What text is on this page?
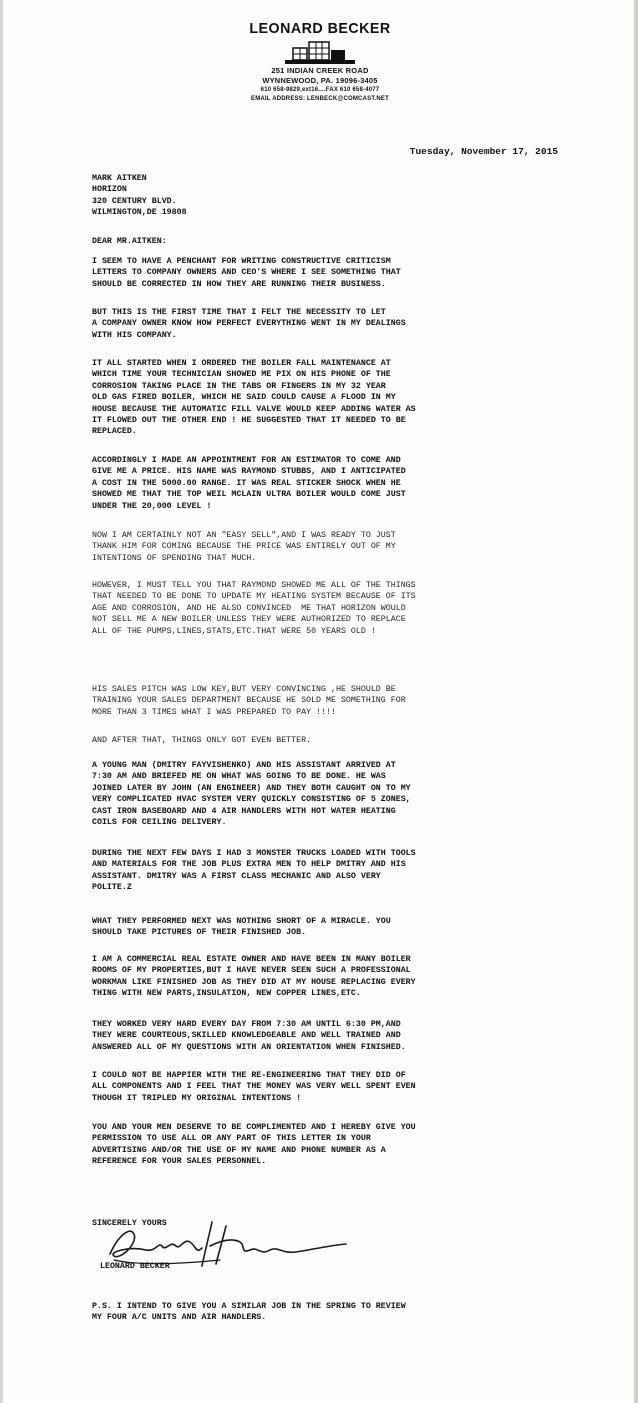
LEONARD BECKER
251 INDIAN CREEK ROAD
WYNNEWOOD, PA. 19096-3405
610 658-9829,ext16....FAX 610 658-4077
EMAIL ADDRESS: LENBECK@COMCAST.NET
Tuesday, November 17, 2015
MARK AITKEN
HORIZON
320 CENTURY BLVD.
WILMINGTON,DE 19808
DEAR MR.AITKEN:
I SEEM TO HAVE A PENCHANT FOR WRITING CONSTRUCTIVE CRITICISM
LETTERS TO COMPANY OWNERS AND CEO'S WHERE I SEE SOMETHING THAT
SHOULD BE CORRECTED IN HOW THEY ARE RUNNING THEIR BUSINESS.
BUT THIS IS THE FIRST TIME THAT I FELT THE NECESSITY TO LET
A COMPANY OWNER KNOW HOW PERFECT EVERYTHING WENT IN MY DEALINGS
WITH HIS COMPANY.
IT ALL STARTED WHEN I ORDERED THE BOILER FALL MAINTENANCE AT
WHICH TIME YOUR TECHNICIAN SHOWED ME PIX ON HIS PHONE OF THE
CORROSION TAKING PLACE IN THE TABS OR FINGERS IN MY 32 YEAR
OLD GAS FIRED BOILER, WHICH HE SAID COULD CAUSE A FLOOD IN MY
HOUSE BECAUSE THE AUTOMATIC FILL VALVE WOULD KEEP ADDING WATER AS
IT FLOWED OUT THE OTHER END ! HE SUGGESTED THAT IT NEEDED TO BE
REPLACED.
ACCORDINGLY I MADE AN APPOINTMENT FOR AN ESTIMATOR TO COME AND
GIVE ME A PRICE. HIS NAME WAS RAYMOND STUBBS, AND I ANTICIPATED
A COST IN THE 5000.00 RANGE. IT WAS REAL STICKER SHOCK WHEN HE
SHOWED ME THAT THE TOP WEIL MCLAIN ULTRA BOILER WOULD COME JUST
UNDER THE 20,000 LEVEL !
NOW I AM CERTAINLY NOT AN "EASY SELL",AND I WAS READY TO JUST
THANK HIM FOR COMING BECAUSE THE PRICE WAS ENTIRELY OUT OF MY
INTENTIONS OF SPENDING THAT MUCH.
HOWEVER, I MUST TELL YOU THAT RAYMOND SHOWED ME ALL OF THE THINGS
THAT NEEDED TO BE DONE TO UPDATE MY HEATING SYSTEM BECAUSE OF ITS
AGE AND CORROSION, AND HE ALSO CONVINCED  ME THAT HORIZON WOULD
NOT SELL ME A NEW BOILER UNLESS THEY WERE AUTHORIZED TO REPLACE
ALL OF THE PUMPS,LINES,STATS,ETC.THAT WERE 50 YEARS OLD !
HIS SALES PITCH WAS LOW KEY,BUT VERY CONVINCING ,HE SHOULD BE
TRAINING YOUR SALES DEPARTMENT BECAUSE HE SOLD ME SOMETHING FOR
MORE THAN 3 TIMES WHAT I WAS PREPARED TO PAY !!!!
AND AFTER THAT, THINGS ONLY GOT EVEN BETTER.
A YOUNG MAN (DMITRY FAYVISHENKO) AND HIS ASSISTANT ARRIVED AT
7:30 AM AND BRIEFED ME ON WHAT WAS GOING TO BE DONE. HE WAS
JOINED LATER BY JOHN (AN ENGINEER) AND THEY BOTH CAUGHT ON TO MY
VERY COMPLICATED HVAC SYSTEM VERY QUICKLY CONSISTING OF 5 ZONES,
CAST IRON BASEBOARD AND 4 AIR HANDLERS WITH HOT WATER HEATING
COILS FOR CEILING DELIVERY.
DURING THE NEXT FEW DAYS I HAD 3 MONSTER TRUCKS LOADED WITH TOOLS
AND MATERIALS FOR THE JOB PLUS EXTRA MEN TO HELP DMITRY AND HIS
ASSISTANT. DMITRY WAS A FIRST CLASS MECHANIC AND ALSO VERY
POLITE.Z
WHAT THEY PERFORMED NEXT WAS NOTHING SHORT OF A MIRACLE. YOU
SHOULD TAKE PICTURES OF THEIR FINISHED JOB.
I AM A COMMERCIAL REAL ESTATE OWNER AND HAVE BEEN IN MANY BOILER
ROOMS OF MY PROPERTIES,BUT I HAVE NEVER SEEN SUCH A PROFESSIONAL
WORKMAN LIKE FINISHED JOB AS THEY DID AT MY HOUSE REPLACING EVERY
THING WITH NEW PARTS,INSULATION, NEW COPPER LINES,ETC.
THEY WORKED VERY HARD EVERY DAY FROM 7:30 AM UNTIL 6:30 PM,AND
THEY WERE COURTEOUS,SKILLED KNOWLEDGEABLE AND WELL TRAINED AND
ANSWERED ALL OF MY QUESTIONS WITH AN ORIENTATION WHEN FINISHED.
I COULD NOT BE HAPPIER WITH THE RE-ENGINEERING THAT THEY DID OF
ALL COMPONENTS AND I FEEL THAT THE MONEY WAS VERY WELL SPENT EVEN
THOUGH IT TRIPLED MY ORIGINAL INTENTIONS !
YOU AND YOUR MEN DESERVE TO BE COMPLIMENTED AND I HEREBY GIVE YOU
PERMISSION TO USE ALL OR ANY PART OF THIS LETTER IN YOUR
ADVERTISING AND/OR THE USE OF MY NAME AND PHONE NUMBER AS A
REFERENCE FOR YOUR SALES PERSONNEL.
SINCERELY YOURS
LEONARD BECKER
P.S. I INTEND TO GIVE YOU A SIMILAR JOB IN THE SPRING TO REVIEW
MY FOUR A/C UNITS AND AIR HANDLERS.
